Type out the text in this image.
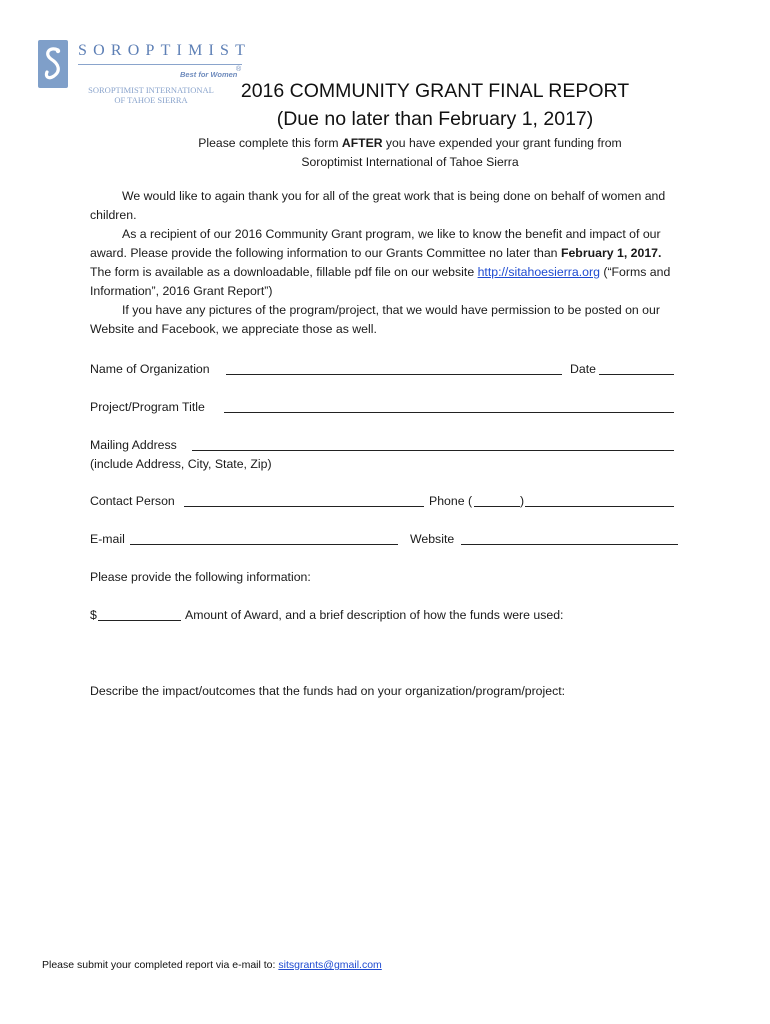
SOROPTIMIST
Best for Women
®
SOROPTIMIST INTERNATIONAL
OF TAHOE SIERRA	2016 COMMUNITY GRANT FINAL REPORT
(Due no later than February 1, 2017)
Please complete this form AFTER you have expended your grant funding from
Soroptimist International of Tahoe Sierra

We would like to again thank you for all of the great work that is being done on behalf of women and children.

As a recipient of our 2016 Community Grant program, we like to know the benefit and impact of our award. Please provide the following information to our Grants Committee no later than February 1, 2017. The form is available as a downloadable, fillable pdf file on our website http://sitahoesierra.org (“Forms and Information”, 2016 Grant Report”)

If you have any pictures of the program/project, that we would have permission to be posted on our Website and Facebook, we appreciate those as well.

Name of Organization	Date
Project/Program Title
Mailing Address
(include Address, City, State, Zip)
Contact Person	Phone (	)
E-mail	Website
Please provide the following information:
$	Amount of Award, and a brief description of how the funds were used:
Describe the impact/outcomes that the funds had on your organization/program/project:
Please submit your completed report via e-mail to: sitsgrants@gmail.com
